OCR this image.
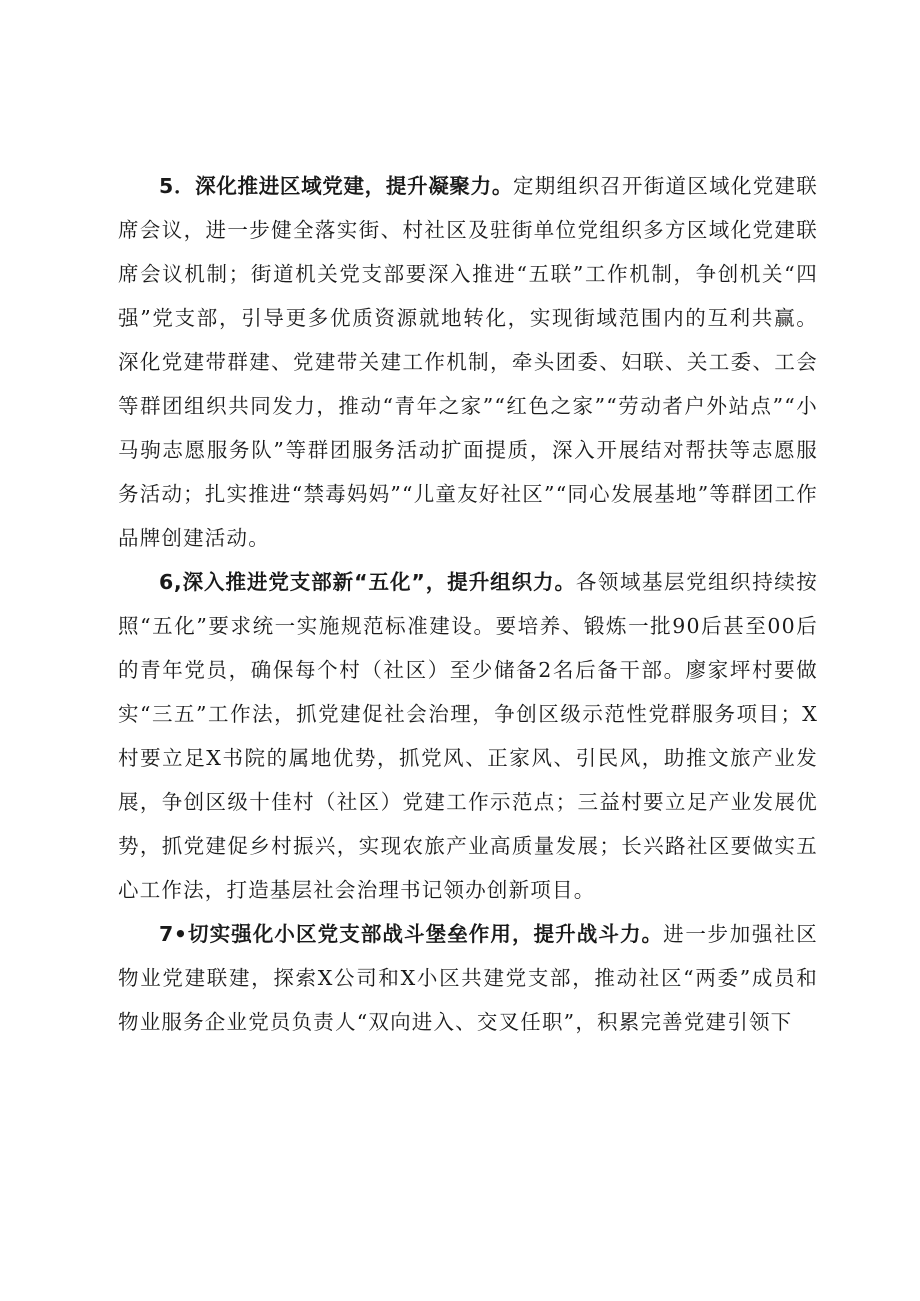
5．深化推进区域党建，提升凝聚力。定期组织召开街道区域化党建联席会议，进一步健全落实街、村社区及驻街单位党组织多方区域化党建联席会议机制；街道机关党支部要深入推进“五联”工作机制，争创机关“四强”党支部，引导更多优质资源就地转化，实现街域范围内的互利共赢。深化党建带群建、党建带关建工作机制，牵头团委、妇联、关工委、工会等群团组织共同发力，推动“青年之家”“红色之家”“劳动者户外站点”“小马驹志愿服务队”等群团服务活动扩面提质，深入开展结对帮扶等志愿服务活动；扎实推进“禁毒妈妈”“儿童友好社区”“同心发展基地”等群团工作品牌创建活动。

6,深入推进党支部新“五化”，提升组织力。各领域基层党组织持续按照“五化”要求统一实施规范标准建设。要培养、锻炼一批90后甚至00后的青年党员，确保每个村（社区）至少储备2名后备干部。廖家坪村要做实“三五”工作法，抓党建促社会治理，争创区级示范性党群服务项目；X村要立足X书院的属地优势，抓党风、正家风、引民风，助推文旅产业发展，争创区级十佳村（社区）党建工作示范点；三益村要立足产业发展优势，抓党建促乡村振兴，实现农旅产业高质量发展；长兴路社区要做实五心工作法，打造基层社会治理书记领办创新项目。

7•切实强化小区党支部战斗堡垒作用，提升战斗力。进一步加强社区物业党建联建，探索X公司和X小区共建党支部，推动社区“两委”成员和物业服务企业党员负责人“双向进入、交叉任职”，积累完善党建引领下
